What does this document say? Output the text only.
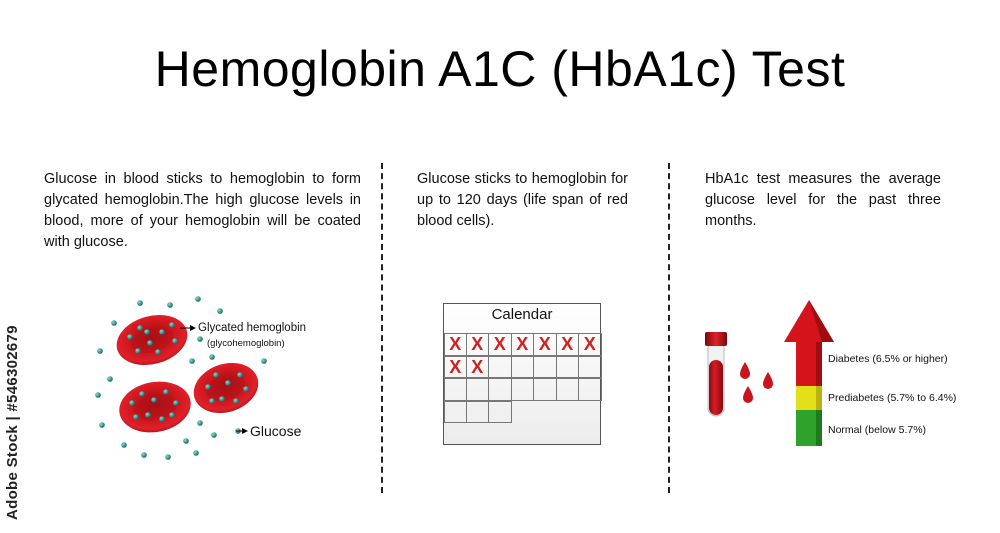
Hemoglobin A1C (HbA1c) Test
Glucose in blood sticks to hemoglobin to form glycated hemoglobin.The high glucose levels in blood, more of your hemoglobin will be coated with glucose.
Glucose sticks to hemoglobin for up to 120 days (life span of red blood cells).
HbA1c test measures the average glucose level for the past three months.
Adobe Stock | #546302679	Glycated hemoglobin
(glycohemoglobin)
Glucose
Calendar
X X X X X X X
X X	Diabetes (6.5% or higher)
Prediabetes (5.7% to 6.4%)
Normal (below 5.7%)
